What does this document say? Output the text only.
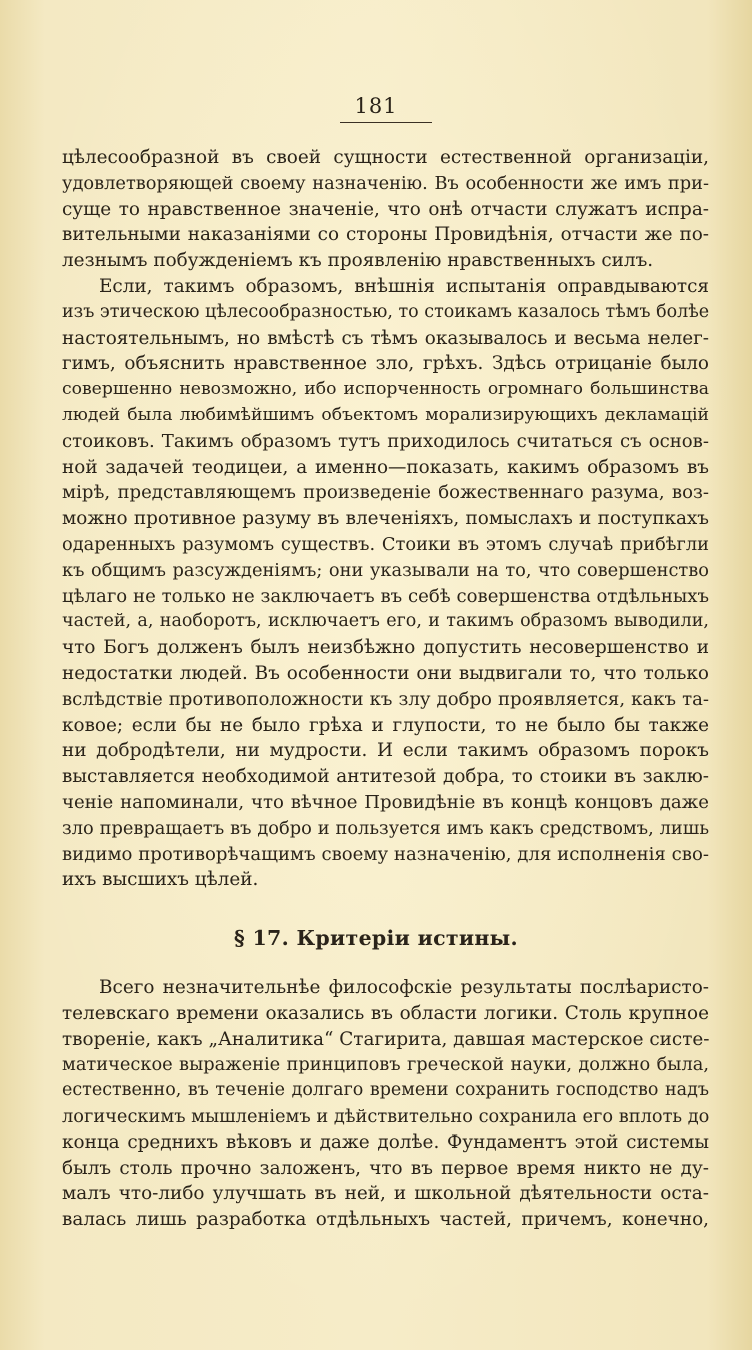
181
цѣлесообразной въ своей сущности естественной организаціи,
удовлетворяющей своему назначенію. Въ особенности же имъ при-
суще то нравственное значеніе, что онѣ отчасти служатъ испра-
вительными наказаніями со стороны Провидѣнія, отчасти же по-
лезнымъ побужденіемъ къ проявленію нравственныхъ силъ.
Если, такимъ образомъ, внѣшнія испытанія оправдываются
изъ этическою цѣлесообразностью, то стоикамъ казалось тѣмъ болѣе
настоятельнымъ, но вмѣстѣ съ тѣмъ оказывалось и весьма нелег-
гимъ, объяснить нравственное зло, грѣхъ. Здѣсь отрицаніе было
совершенно невозможно, ибо испорченность огромнаго большинства
людей была любимѣйшимъ объектомъ морализирующихъ декламацій
стоиковъ. Такимъ образомъ тутъ приходилось считаться съ основ-
ной задачей теодицеи, а именно—показать, какимъ образомъ въ
мірѣ, представляющемъ произведеніе божественнаго разума, воз-
можно противное разуму въ влеченіяхъ, помыслахъ и поступкахъ
одаренныхъ разумомъ существъ. Стоики въ этомъ случаѣ прибѣгли
къ общимъ разсужденіямъ; они указывали на то, что совершенство
цѣлаго не только не заключаетъ въ себѣ совершенства отдѣльныхъ
частей, а, наоборотъ, исключаетъ его, и такимъ образомъ выводили,
что Богъ долженъ былъ неизбѣжно допустить несовершенство и
недостатки людей. Въ особенности они выдвигали то, что только
вслѣдствіе противоположности къ злу добро проявляется, какъ та-
ковое; если бы не было грѣха и глупости, то не было бы также
ни добродѣтели, ни мудрости. И если такимъ образомъ порокъ
выставляется необходимой антитезой добра, то стоики въ заклю-
ченіе напоминали, что вѣчное Провидѣніе въ концѣ концовъ даже
зло превращаетъ въ добро и пользуется имъ какъ средствомъ, лишь
видимо противорѣчащимъ своему назначенію, для исполненія сво-
ихъ высшихъ цѣлей.
§ 17. Критеріи истины.
Всего незначительнѣе философскіе результаты послѣаристо-
телевскаго времени оказались въ области логики. Столь крупное
твореніе, какъ „Аналитика“ Стагирита, давшая мастерское систе-
матическое выраженіе принциповъ греческой науки, должно была,
естественно, въ теченіе долгаго времени сохранить господство надъ
логическимъ мышленіемъ и дѣйствительно сохранила его вплоть до
конца среднихъ вѣковъ и даже долѣе. Фундаментъ этой системы
былъ столь прочно заложенъ, что въ первое время никто не ду-
малъ что-либо улучшать въ ней, и школьной дѣятельности оста-
валась лишь разработка отдѣльныхъ частей, причемъ, конечно,
